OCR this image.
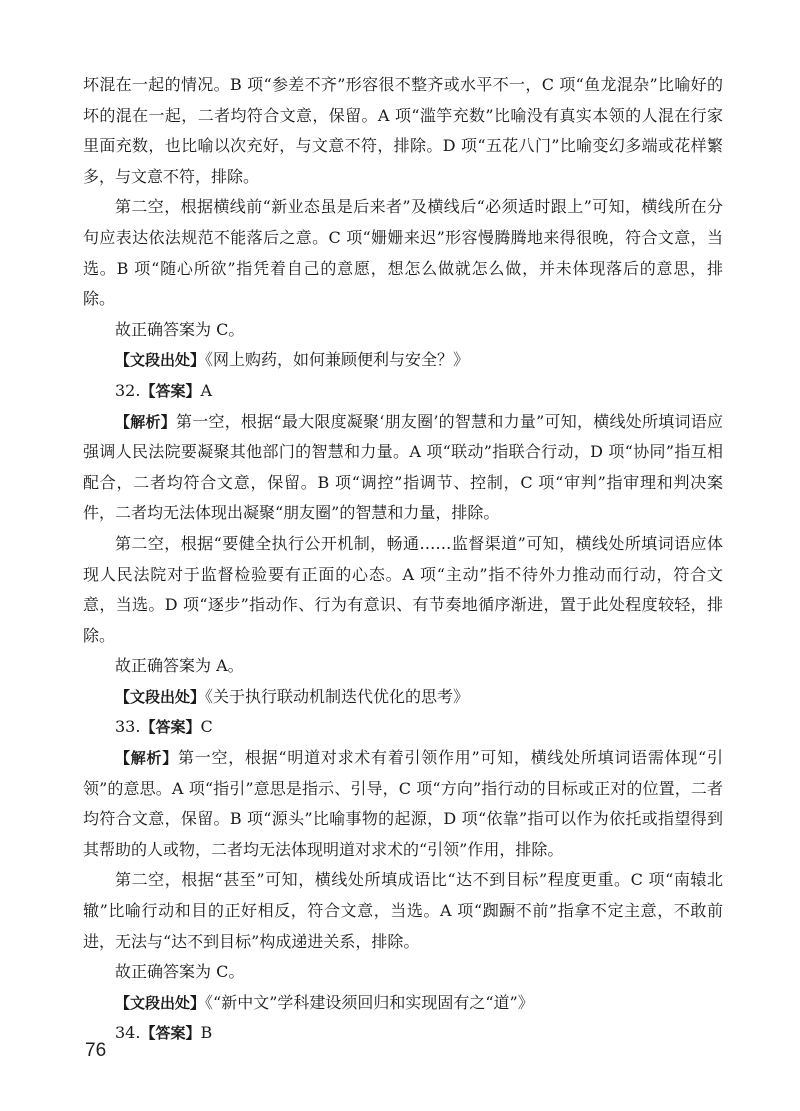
坏混在一起的情况。B 项“参差不齐”形容很不整齐或水平不一，C 项“鱼龙混杂”比喻好的坏的混在一起，二者均符合文意，保留。A 项“滥竽充数”比喻没有真实本领的人混在行家里面充数，也比喻以次充好，与文意不符，排除。D 项“五花八门”比喻变幻多端或花样繁多，与文意不符，排除。

第二空，根据横线前“新业态虽是后来者”及横线后“必须适时跟上”可知，横线所在分句应表达依法规范不能落后之意。C 项“姗姗来迟”形容慢腾腾地来得很晚，符合文意，当选。B 项“随心所欲”指凭着自己的意愿，想怎么做就怎么做，并未体现落后的意思，排除。

故正确答案为 C。

【文段出处】《网上购药，如何兼顾便利与安全？》

32.【答案】A

【解析】第一空，根据“最大限度凝聚‘朋友圈’的智慧和力量”可知，横线处所填词语应强调人民法院要凝聚其他部门的智慧和力量。A 项“联动”指联合行动，D 项“协同”指互相配合，二者均符合文意，保留。B 项“调控”指调节、控制，C 项“审判”指审理和判决案件，二者均无法体现出凝聚“朋友圈”的智慧和力量，排除。

第二空，根据“要健全执行公开机制，畅通……监督渠道”可知，横线处所填词语应体现人民法院对于监督检验要有正面的心态。A 项“主动”指不待外力推动而行动，符合文意，当选。D 项“逐步”指动作、行为有意识、有节奏地循序渐进，置于此处程度较轻，排除。

故正确答案为 A。

【文段出处】《关于执行联动机制迭代优化的思考》

33.【答案】C

【解析】第一空，根据“明道对求术有着引领作用”可知，横线处所填词语需体现“引领”的意思。A 项“指引”意思是指示、引导，C 项“方向”指行动的目标或正对的位置，二者均符合文意，保留。B 项“源头”比喻事物的起源，D 项“依靠”指可以作为依托或指望得到其帮助的人或物，二者均无法体现明道对求术的“引领”作用，排除。

第二空，根据“甚至”可知，横线处所填成语比“达不到目标”程度更重。C 项“南辕北辙”比喻行动和目的正好相反，符合文意，当选。A 项“踟蹰不前”指拿不定主意，不敢前进，无法与“达不到目标”构成递进关系，排除。

故正确答案为 C。

【文段出处】《“新中文”学科建设须回归和实现固有之“道”》

34.【答案】B

76
